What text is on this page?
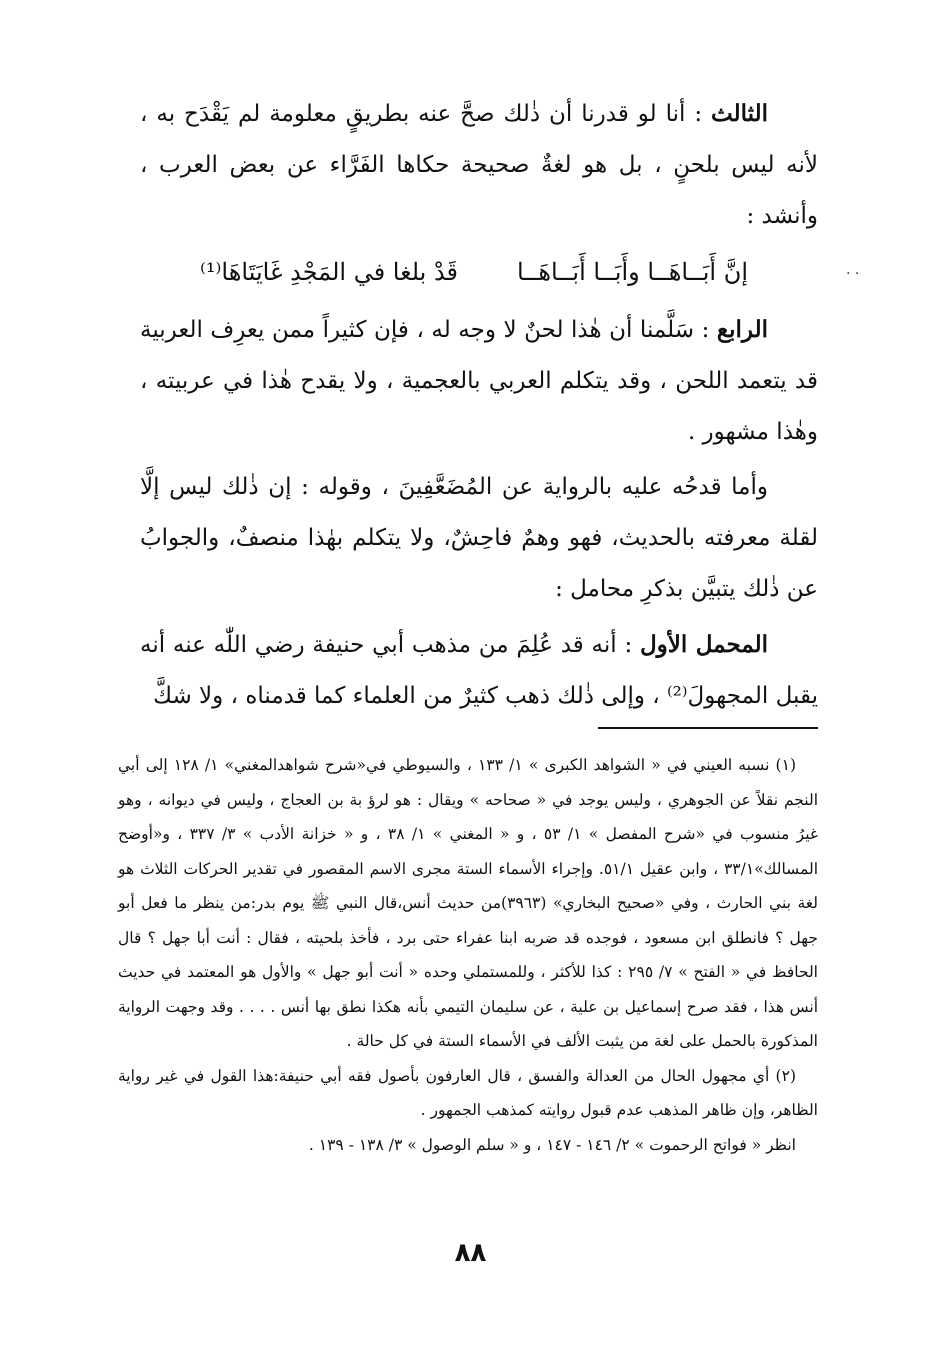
الثالث : أنا لو قدرنا أن ذٰلك صحَّ عنه بطريقٍ معلومة لم يَقْدَح به ، لأنه ليس بلحنٍ ، بل هو لغةٌ صحيحة حكاها الفَرَّاء عن بعض العرب ، وأنشد :

إنَّ أَبَــاهَــا وأَبَــا أَبَــاهَــا
قَدْ بلغا في المَجْدِ غَايَتَاهَا⁽¹⁾

الرابع : سَلَّمنا أن هٰذا لحنٌ لا وجه له ، فإن كثيراً ممن يعرِف العربية قد يتعمد اللحن ، وقد يتكلم العربي بالعجمية ، ولا يقدح هٰذا في عربيته ، وهٰذا مشهور .

وأما قدحُه عليه بالرواية عن المُضَعَّفِينَ ، وقوله : إن ذٰلك ليس إلَّا لقلة معرفته بالحديث، فهو وهمٌ فاحِشٌ، ولا يتكلم بهٰذا منصفٌ، والجوابُ عن ذٰلك يتبيَّن بذكرِ محامل :

المحمل الأول : أنه قد عُلِمَ من مذهب أبي حنيفة رضي اللّٰه عنه أنه يقبل المجهولَ⁽²⁾ ، وإلى ذٰلك ذهب كثيرٌ من العلماء كما قدمناه ، ولا شكَّ

. .

(١) نسبه العيني في « الشواهد الكبرى » ١/ ١٣٣ ، والسيوطي في«شرح شواهدالمغني» ١/ ١٢٨ إلى أبي النجم نقلاً عن الجوهري ، وليس يوجد في « صحاحه » ويقال : هو لرؤ بة بن العجاج ، وليس في ديوانه ، وهو غيرُ منسوب في «شرح المفصل » ١/ ٥٣ ، و « المغني » ١/ ٣٨ ، و « خزانة الأدب » ٣/ ٣٣٧ ، و«أوضح المسالك»٣٣/١ ، وابن عقيل ٥١/١. وإجراء الأسماء الستة مجرى الاسم المقصور في تقدير الحركات الثلاث هو لغة بني الحارث ، وفي «صحيح البخاري» (٣٩٦٣)من حديث أنس،قال النبي ﷺ يوم بدر:من ينظر ما فعل أبو جهل ؟ فانطلق ابن مسعود ، فوجده قد ضربه ابنا عفراء حتى برد ، فأخذ بلحيته ، فقال : أنت أبا جهل ؟ قال الحافظ في « الفتح » ٧/ ٢٩٥ : كذا للأكثر ، وللمستملي وحده « أنت أبو جهل » والأول هو المعتمد في حديث أنس هذا ، فقد صرح إسماعيل بن علية ، عن سليمان التيمي بأنه هكذا نطق بها أنس . . . . وقد وجهت الرواية المذكورة بالحمل على لغة من يثبت الألف في الأسماء الستة في كل حالة .

(٢) أي مجهول الحال من العدالة والفسق ، قال العارفون بأصول فقه أبي حنيفة:هذا القول في غير رواية الظاهر، وإن ظاهر المذهب عدم قبول روايته كمذهب الجمهور .

انظر « فواتح الرحموت » ٢/ ١٤٦ - ١٤٧ ، و « سلم الوصول » ٣/ ١٣٨ - ١٣٩ .

٨٨
